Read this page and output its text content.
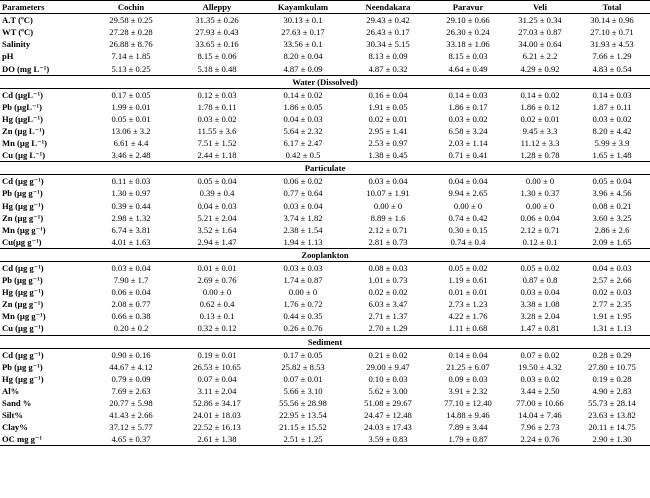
Parameters	Cochin	Alleppy	Kayamkulam	Neendakara	Paravur	Veli	Total
A.T (ºC)	29.58 ± 0.25	31.35 ± 0.26	30.13 ± 0.1	29.43 ± 0.42	29.10 ± 0.66	31.25 ± 0.34	30.14 ± 0.96
WT (ºC)	27.28 ± 0.28	27.93 ± 0.43	27.63 ± 0.17	26.43 ± 0.17	26.30 ± 0.24	27.03 ± 0.87	27.10 ± 0.71
Salinity	26.88 ± 8.76	33.65 ± 0.16	33.56 ± 0.1	30.34 ± 5.15	33.18 ± 1.06	34.00 ± 0.64	31.93 ± 4.53
pH	7.14 ± 1.85	8.15 ± 0.06	8.20 ± 0.04	8.13 ± 0.09	8.15 ± 0.03	6.21 ± 2.2	7.66 ± 1.29
DO (mg L⁻¹)	5.13 ± 0.25	5.18 ± 0.48	4.87 ± 0.09	4.87 ± 0.32	4.64 ± 0.49	4.29 ± 0.92	4.83 ± 0.54
Water (Dissolved)							
Cd (µgL⁻¹)	0.17 ± 0.05	0.12 ± 0.03	0.14 ± 0.02	0.16 ± 0.04	0.14 ± 0.03	0.14 ± 0.02	0.14 ± 0.03
Pb (µgL⁻¹)	1.99 ± 0.01	1.78 ± 0.11	1.86 ± 0.05	1.91 ± 0.05	1.86 ± 0.17	1.86 ± 0.12	1.87 ± 0.11
Hg (µgL⁻¹)	0.05 ± 0.01	0.03 ± 0.02	0.04 ± 0.03	0.02 ± 0.01	0.03 ± 0.02	0.02 ± 0.01	0.03 ± 0.02
Zn (µg L⁻¹)	13.06 ± 3.2	11.55 ± 3.6	5.64 ± 2.32	2.95 ± 1.41	6.58 ± 3.24	9.45 ± 3.3	8.20 ± 4.42
Mn (µg L⁻¹)	6.61 ± 4.4	7.51 ± 1.52	6.17 ± 2.47	2.53 ± 0.97	2.03 ± 1.14	11.12 ± 3.3	5.99 ± 3.9
Cu (µg L⁻¹)	3.46 ± 2.48	2.44 ± 1.18	0.42 ± 0.5	1.38 ± 0.45	0.71 ± 0.41	1.28 ± 0.78	1.65 ± 1.48
Particulate							
Cd (µg g⁻¹)	0.11 ± 0.03	0.05 ± 0.04	0.06 ± 0.02	0.03 ± 0.04	0.04 ± 0.04	0.00 ± 0	0.05 ± 0.04
Pb (µg g⁻¹)	1.30 ± 0.97	0.39 ± 0.4	0.77 ± 0.64	10.07 ± 1.91	9.94 ± 2.65	1.30 ± 0.37	3.96 ± 4.56
Hg (µg g⁻¹)	0.39 ± 0.44	0.04 ± 0.03	0.03 ± 0.04	0.00 ± 0	0.00 ± 0	0.00 ± 0	0.08 ± 0.21
Zn (µg g⁻¹)	2.98 ± 1.32	5.21 ± 2.04	3.74 ± 1.82	8.89 ± 1.6	0.74 ± 0.42	0.06 ± 0.04	3.60 ± 3.25
Mn (µg g⁻¹)	6.74 ± 3.81	3.52 ± 1.64	2.38 ± 1.54	2.12 ± 0.71	0.30 ± 0.15	2.12 ± 0.71	2.86 ± 2.6
Cu(µg g⁻¹)	4.01 ± 1.63	2.94 ± 1.47	1.94 ± 1.13	2.81 ± 0.73	0.74 ± 0.4	0.12 ± 0.1	2.09 ± 1.65
Zooplankton							
Cd (µg g⁻¹)	0.03 ± 0.04	0.01 ± 0.01	0.03 ± 0.03	0.08 ± 0.03	0.05 ± 0.02	0.05 ± 0.02	0.04 ± 0.03
Pb (µg g⁻¹)	7.90 ± 1.7	2.69 ± 0.76	1.74 ± 0.87	1.01 ± 0.73	1.19 ± 0.61	0.87 ± 0.8	2.57 ± 2.66
Hg (µg g⁻¹)	0.06 ± 0.04	0.00 ± 0	0.00 ± 0	0.02 ± 0.02	0.01 ± 0.01	0.03 ± 0.04	0.02 ± 0.03
Zn (µg g⁻¹)	2.08 ± 0.77	0.62 ± 0.4	1.76 ± 0.72	6.03 ± 3.47	2.73 ± 1.23	3.38 ± 1.08	2.77 ± 2.35
Mn (µg g⁻¹)	0.66 ± 0.38	0.13 ± 0.1	0.44 ± 0.35	2.71 ± 1.37	4.22 ± 1.76	3.28 ± 2.04	1.91 ± 1.95
Cu (µg g⁻¹)	0.20 ± 0.2	0.32 ± 0.12	0.26 ± 0.76	2.70 ± 1.29	1.11 ± 0.68	1.47 ± 0.81	1.31 ± 1.13
Sediment							
Cd (µg g⁻¹)	0.90 ± 0.16	0.19 ± 0.01	0.17 ± 0.05	0.21 ± 0.02	0.14 ± 0.04	0.07 ± 0.02	0.28 ± 0.29
Pb (µg g⁻¹)	44.67 ± 4.12	26.53 ± 10.65	25.82 ± 8.53	29.00 ± 9.47	21.25 ± 6.07	19.50 ± 4.32	27.80 ± 10.75
Hg (µg g⁻¹)	0.79 ± 0.09	0.07 ± 0.04	0.07 ± 0.01	0.10 ± 0.03	0.09 ± 0.03	0.03 ± 0.02	0.19 ± 0.28
Al%	7.69 ± 2.63	3.11 ± 2.04	5.66 ± 3.10	5.62 ± 3.00	3.91 ± 2.32	3.44 ± 2.50	4.90 ± 2.83
Sand %	20.77 ± 5.98	52.86 ± 34.17	55.56 ± 28.98	51.08 ± 29.67	77.10 ± 12.40	77.00 ± 10.66	55.73 ± 28.14
Silt%	41.43 ± 2.66	24.01 ± 18.03	22.95 ± 13.54	24.47 ± 12.48	14.88 ± 9.46	14.04 ± 7.46	23.63 ± 13.82
Clay%	37.12 ± 5.77	22.52 ± 16.13	21.15 ± 15.52	24.03 ± 17.43	7.89 ± 3.44	7.96 ± 2.73	20.11 ± 14.75
OC mg g⁻¹	4.65 ± 0.37	2.61 ± 1.38	2.51 ± 1.25	3.59 ± 0.83	1.79 ± 0.87	2.24 ± 0.76	2.90 ± 1.30
